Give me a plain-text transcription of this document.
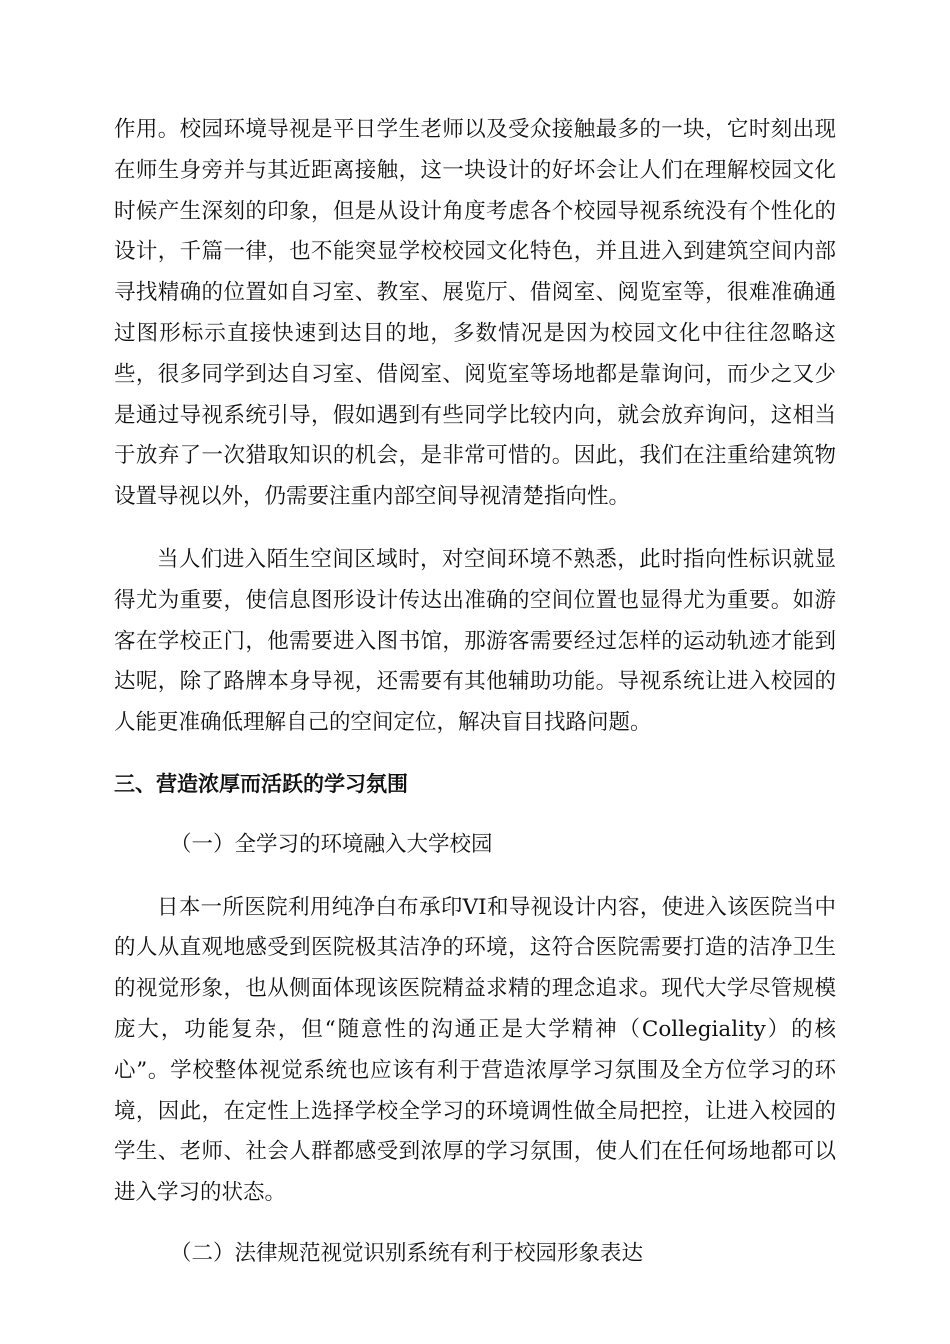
作用。校园环境导视是平日学生老师以及受众接触最多的一块，它时刻出现在师生身旁并与其近距离接触，这一块设计的好坏会让人们在理解校园文化时候产生深刻的印象，但是从设计角度考虑各个校园导视系统没有个性化的设计，千篇一律，也不能突显学校校园文化特色，并且进入到建筑空间内部寻找精确的位置如自习室、教室、展览厅、借阅室、阅览室等，很难准确通过图形标示直接快速到达目的地，多数情况是因为校园文化中往往忽略这些，很多同学到达自习室、借阅室、阅览室等场地都是靠询问，而少之又少是通过导视系统引导，假如遇到有些同学比较内向，就会放弃询问，这相当于放弃了一次猎取知识的机会，是非常可惜的。因此，我们在注重给建筑物设置导视以外，仍需要注重内部空间导视清楚指向性。

当人们进入陌生空间区域时，对空间环境不熟悉，此时指向性标识就显得尤为重要，使信息图形设计传达出准确的空间位置也显得尤为重要。如游客在学校正门，他需要进入图书馆，那游客需要经过怎样的运动轨迹才能到达呢，除了路牌本身导视，还需要有其他辅助功能。导视系统让进入校园的人能更准确低理解自己的空间定位，解决盲目找路问题。

三、营造浓厚而活跃的学习氛围

（一）全学习的环境融入大学校园

日本一所医院利用纯净白布承印VI和导视设计内容，使进入该医院当中的人从直观地感受到医院极其洁净的环境，这符合医院需要打造的洁净卫生的视觉形象，也从侧面体现该医院精益求精的理念追求。现代大学尽管规模庞大，功能复杂，但“随意性的沟通正是大学精神（Collegiality）的核心”。学校整体视觉系统也应该有利于营造浓厚学习氛围及全方位学习的环境，因此，在定性上选择学校全学习的环境调性做全局把控，让进入校园的学生、老师、社会人群都感受到浓厚的学习氛围，使人们在任何场地都可以进入学习的状态。

（二）法律规范视觉识别系统有利于校园形象表达
